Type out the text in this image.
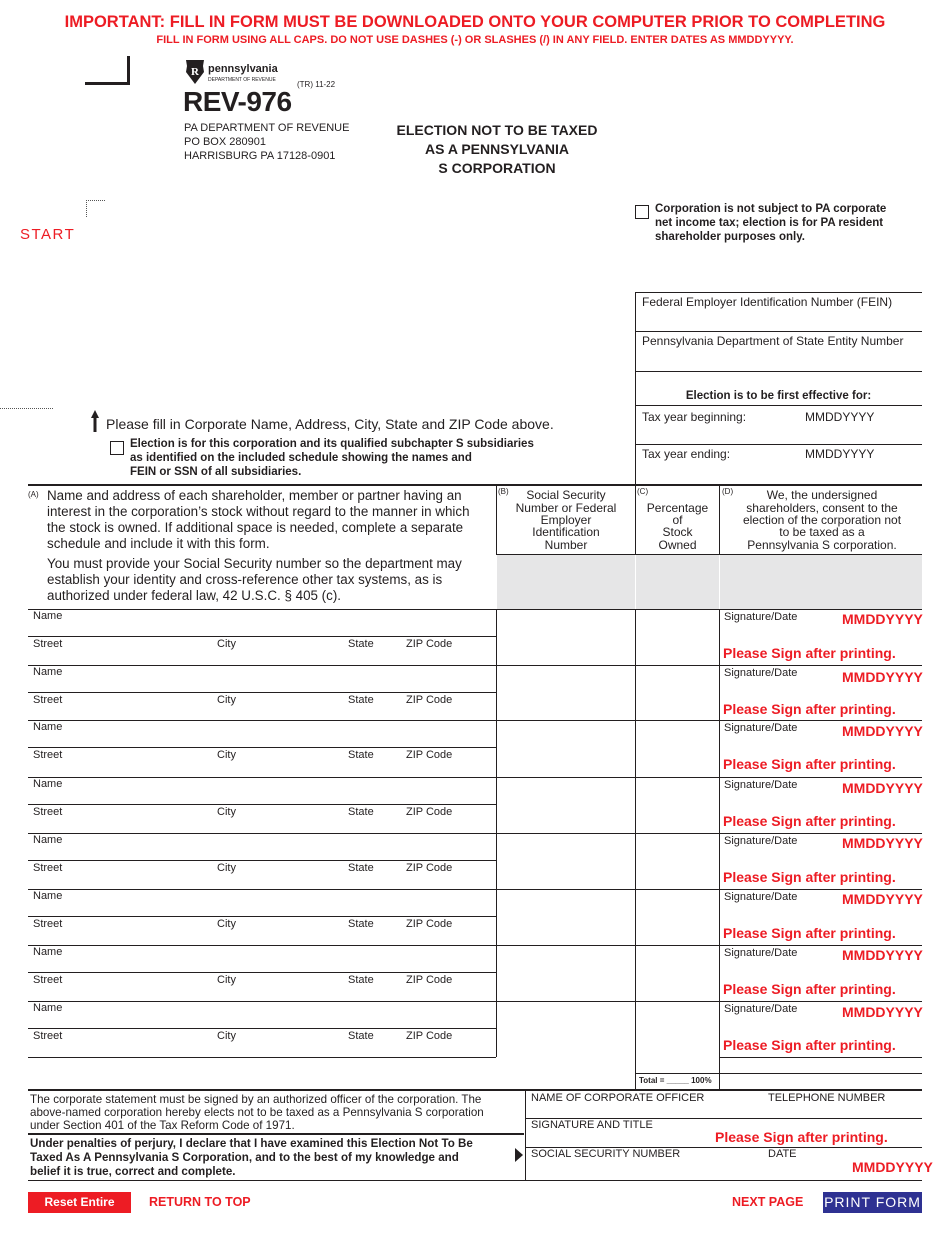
IMPORTANT: FILL IN FORM MUST BE DOWNLOADED ONTO YOUR COMPUTER PRIOR TO COMPLETING
FILL IN FORM USING ALL CAPS. DO NOT USE DASHES (-) OR SLASHES (/) IN ANY FIELD. ENTER DATES AS MMDDYYYY.
R pennsylvania
DEPARTMENT OF REVENUE
REV-976
(TR) 11-22
PA DEPARTMENT OF REVENUE
PO BOX 280901
HARRISBURG PA 17128-0901
ELECTION NOT TO BE TAXED
AS A PENNSYLVANIA
S CORPORATION
START
Corporation is not subject to PA corporate
net income tax; election is for PA resident
shareholder purposes only.
Federal Employer Identification Number (FEIN)
Pennsylvania Department of State Entity Number
Election is to be first effective for:
Tax year beginning:	MMDDYYYY
Tax year ending:	MMDDYYYY
Please fill in Corporate Name, Address, City, State and ZIP Code above.
Election is for this corporation and its qualified subchapter S subsidiaries
as identified on the included schedule showing the names and
FEIN or SSN of all subsidiaries.
(A) Name and address of each shareholder, member or partner having an
interest in the corporation’s stock without regard to the manner in which
the stock is owned. If additional space is needed, complete a separate
schedule and include it with this form.
You must provide your Social Security number so the department may
establish your identity and cross-reference other tax systems, as is
authorized under federal law, 42 U.S.C. § 405 (c).
(B)	Social Security
Number or Federal
Employer
Identification
Number
(C)
Percentage
of
Stock
Owned
(D)	We, the undersigned
shareholders, consent to the
election of the corporation not
to be taxed as a
Pennsylvania S corporation.
Name
Street	City	State	ZIP Code
Signature/Date	MMDDYYYY
Please Sign after printing.
Name
Street	City	State	ZIP Code
Signature/Date	MMDDYYYY
Please Sign after printing.
Name
Street	City	State	ZIP Code
Signature/Date	MMDDYYYY
Please Sign after printing.
Name
Street	City	State	ZIP Code
Signature/Date	MMDDYYYY
Please Sign after printing.
Name
Street	City	State	ZIP Code
Signature/Date	MMDDYYYY
Please Sign after printing.
Name
Street	City	State	ZIP Code
Signature/Date	MMDDYYYY
Please Sign after printing.
Name
Street	City	State	ZIP Code
Signature/Date	MMDDYYYY
Please Sign after printing.
Name
Street	City	State	ZIP Code
Signature/Date	MMDDYYYY
Please Sign after printing.
Total = _____ 100%
The corporate statement must be signed by an authorized officer of the corporation. The
above-named corporation hereby elects not to be taxed as a Pennsylvania S corporation
under Section 401 of the Tax Reform Code of 1971.
Under penalties of perjury, I declare that I have examined this Election Not To Be
Taxed As A Pennsylvania S Corporation, and to the best of my knowledge and
belief it is true, correct and complete.
NAME OF CORPORATE OFFICER	TELEPHONE NUMBER
SIGNATURE AND TITLE
Please Sign after printing.
SOCIAL SECURITY NUMBER	DATE
MMDDYYYY
Reset Entire Form
RETURN TO TOP	NEXT PAGE PRINT FORM
